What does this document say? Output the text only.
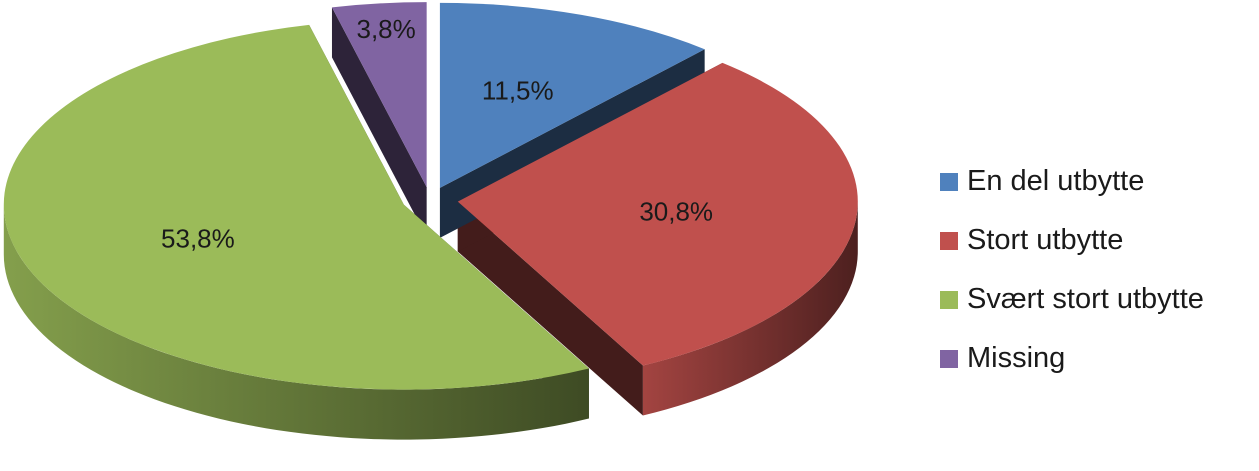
11,5%
30,8%
53,8%
3,8%
En del utbytte
Stort utbytte
Svært stort utbytte
Missing
